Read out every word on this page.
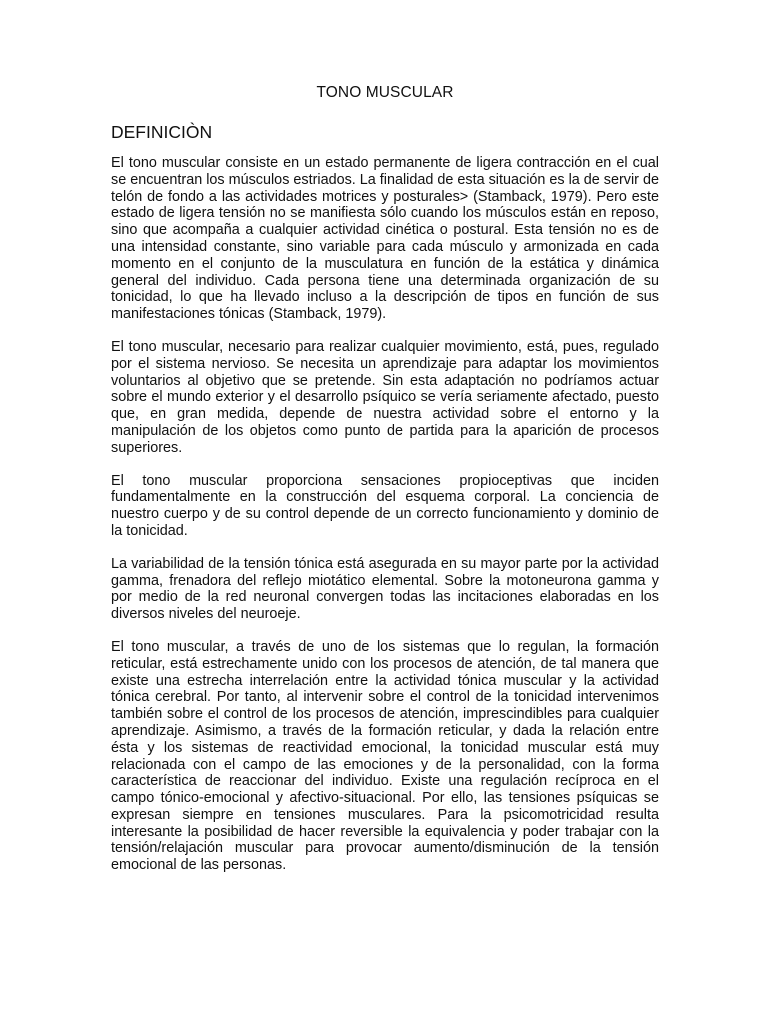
TONO MUSCULAR
DEFINICIÒN

El tono muscular consiste en un estado permanente de ligera contracción en el cual se encuentran los músculos estriados. La finalidad de esta situación es la de servir de telón de fondo a las actividades motrices y posturales> (Stamback, 1979). Pero este estado de ligera tensión no se manifiesta sólo cuando los músculos están en reposo, sino que acompaña a cualquier actividad cinética o postural. Esta tensión no es de una intensidad constante, sino variable para cada músculo y armonizada en cada momento en el conjunto de la musculatura en función de la estática y dinámica general del individuo. Cada persona tiene una determinada organización de su tonicidad, lo que ha llevado incluso a la descripción de tipos en función de sus manifestaciones tónicas (Stamback, 1979).

El tono muscular, necesario para realizar cualquier movimiento, está, pues, regulado por el sistema nervioso. Se necesita un aprendizaje para adaptar los movimientos voluntarios al objetivo que se pretende. Sin esta adaptación no podríamos actuar sobre el mundo exterior y el desarrollo psíquico se vería seriamente afectado, puesto que, en gran medida, depende de nuestra actividad sobre el entorno y la manipulación de los objetos como punto de partida para la aparición de procesos superiores.

El tono muscular proporciona sensaciones propioceptivas que inciden fundamentalmente en la construcción del esquema corporal. La conciencia de nuestro cuerpo y de su control depende de un correcto funcionamiento y dominio de la tonicidad.

La variabilidad de la tensión tónica está asegurada en su mayor parte por la actividad gamma, frenadora del reflejo miotático elemental. Sobre la motoneurona gamma y por medio de la red neuronal convergen todas las incitaciones elaboradas en los diversos niveles del neuroeje.

El tono muscular, a través de uno de los sistemas que lo regulan, la formación reticular, está estrechamente unido con los procesos de atención, de tal manera que existe una estrecha interrelación entre la actividad tónica muscular y la actividad tónica cerebral. Por tanto, al intervenir sobre el control de la tonicidad intervenimos también sobre el control de los procesos de atención, imprescindibles para cualquier aprendizaje. Asimismo, a través de la formación reticular, y dada la relación entre ésta y los sistemas de reactividad emocional, la tonicidad muscular está muy relacionada con el campo de las emociones y de la personalidad, con la forma característica de reaccionar del individuo. Existe una regulación recíproca en el campo tónico-emocional y afectivo-situacional. Por ello, las tensiones psíquicas se expresan siempre en tensiones musculares. Para la psicomotricidad resulta interesante la posibilidad de hacer reversible la equivalencia y poder trabajar con la tensión/relajación muscular para provocar aumento/disminución de la tensión emocional de las personas.
